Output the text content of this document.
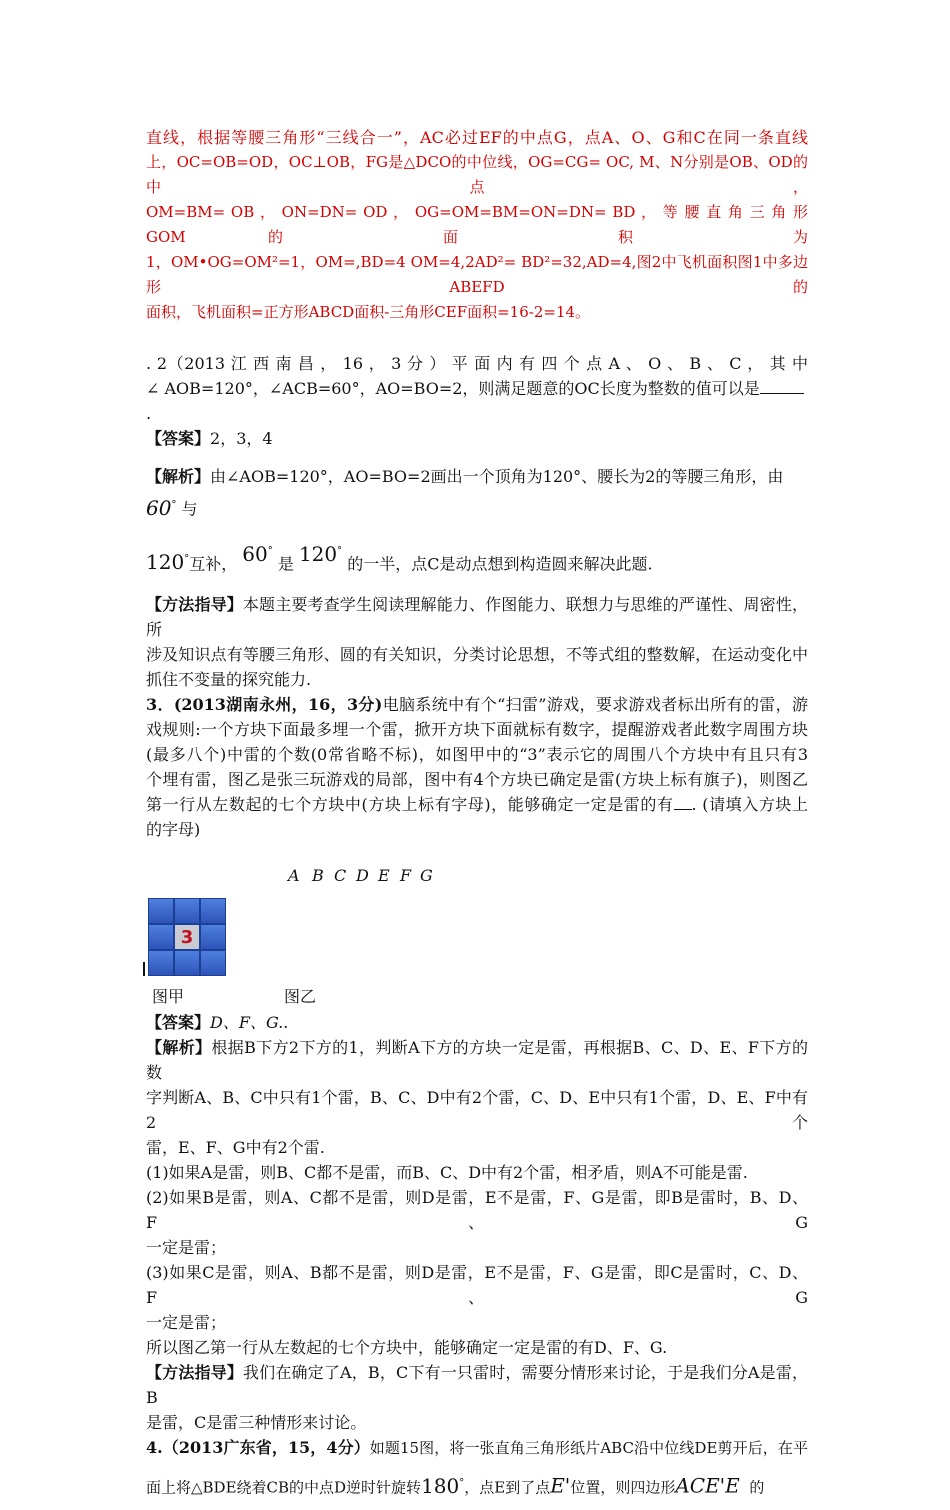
直线，根据等腰三角形“三线合一”，AC必过EF的中点G，点A、O、G和C在同一条直线

上，OC=OB=OD，OC⊥OB，FG是△DCO的中位线，OG=CG= OC, M、N分别是OB、OD的中点，

OM=BM= OB ， ON=DN= OD ， OG=OM=BM=ON=DN= BD ， 等 腰 直 角 三 角 形 GOM 的 面 积 为

1，OM•OG=OM²=1，OM=,BD=4 OM=4,2AD²= BD²=32,AD=4,图2中飞机面积图1中多边形ABEFD的

面积，飞机面积=正方形ABCD面积-三角形CEF面积=16-2=14。

. 2（2013 江 西 南 昌 ， 16 ， 3 分 ） 平 面 内 有 四 个 点 A 、 O 、 B 、 C ， 其 中

∠ AOB=120°，∠ACB=60°，AO=BO=2，则满足题意的OC长度为整数的值可以是.

【答案】2，3，4

【解析】由∠AOB=120°，AO=BO=2画出一个顶角为120°、腰长为2的等腰三角形，由 60° 与

120°互补， 60° 是 120° 的一半，点C是动点想到构造圆来解决此题.

【方法指导】本题主要考查学生阅读理解能力、作图能力、联想力与思维的严谨性、周密性，所

涉及知识点有等腰三角形、圆的有关知识，分类讨论思想，不等式组的整数解，在运动变化中

抓住不变量的探究能力.

3．(2013湖南永州，16，3分)电脑系统中有个“扫雷”游戏，要求游戏者标出所有的雷，游

戏规则:一个方块下面最多埋一个雷，掀开方块下面就标有数字，提醒游戏者此数字周围方块

(最多八个)中雷的个数(0常省略不标)，如图甲中的“3”表示它的周围八个方块中有且只有3

个埋有雷，图乙是张三玩游戏的局部，图中有4个方块已确定是雷(方块上标有旗子)，则图乙

第一行从左数起的七个方块中(方块上标有字母)，能够确定一定是雷的有 . (请填入方块上

的字母)

A B C D E F G
3
图甲	图乙

【答案】D、F、G..

【解析】根据B下方2下方的1，判断A下方的方块一定是雷，再根据B、C、D、E、F下方的数

字判断A、B、C中只有1个雷，B、C、D中有2个雷，C、D、E中只有1个雷，D、E、F中有2个

雷，E、F、G中有2个雷.

(1)如果A是雷，则B、C都不是雷，而B、C、D中有2个雷，相矛盾，则A不可能是雷.

(2)如果B是雷，则A、C都不是雷，则D是雷，E不是雷，F、G是雷，即B是雷时，B、D、F、G

一定是雷；

(3)如果C是雷，则A、B都不是雷，则D是雷，E不是雷，F、G是雷，即C是雷时，C、D、F、G

一定是雷；

所以图乙第一行从左数起的七个方块中，能够确定一定是雷的有D、F、G.

【方法指导】我们在确定了A，B，C下有一只雷时，需要分情形来讨论，于是我们分A是雷，B

是雷，C是雷三种情形来讨论。

4.（2013广东省，15，4分）如题15图，将一张直角三角形纸片ABC沿中位线DE剪开后，在平

面上将△BDE绕着CB的中点D逆时针旋转180°，点E到了点E'位置，则四边形ACE'E 的
